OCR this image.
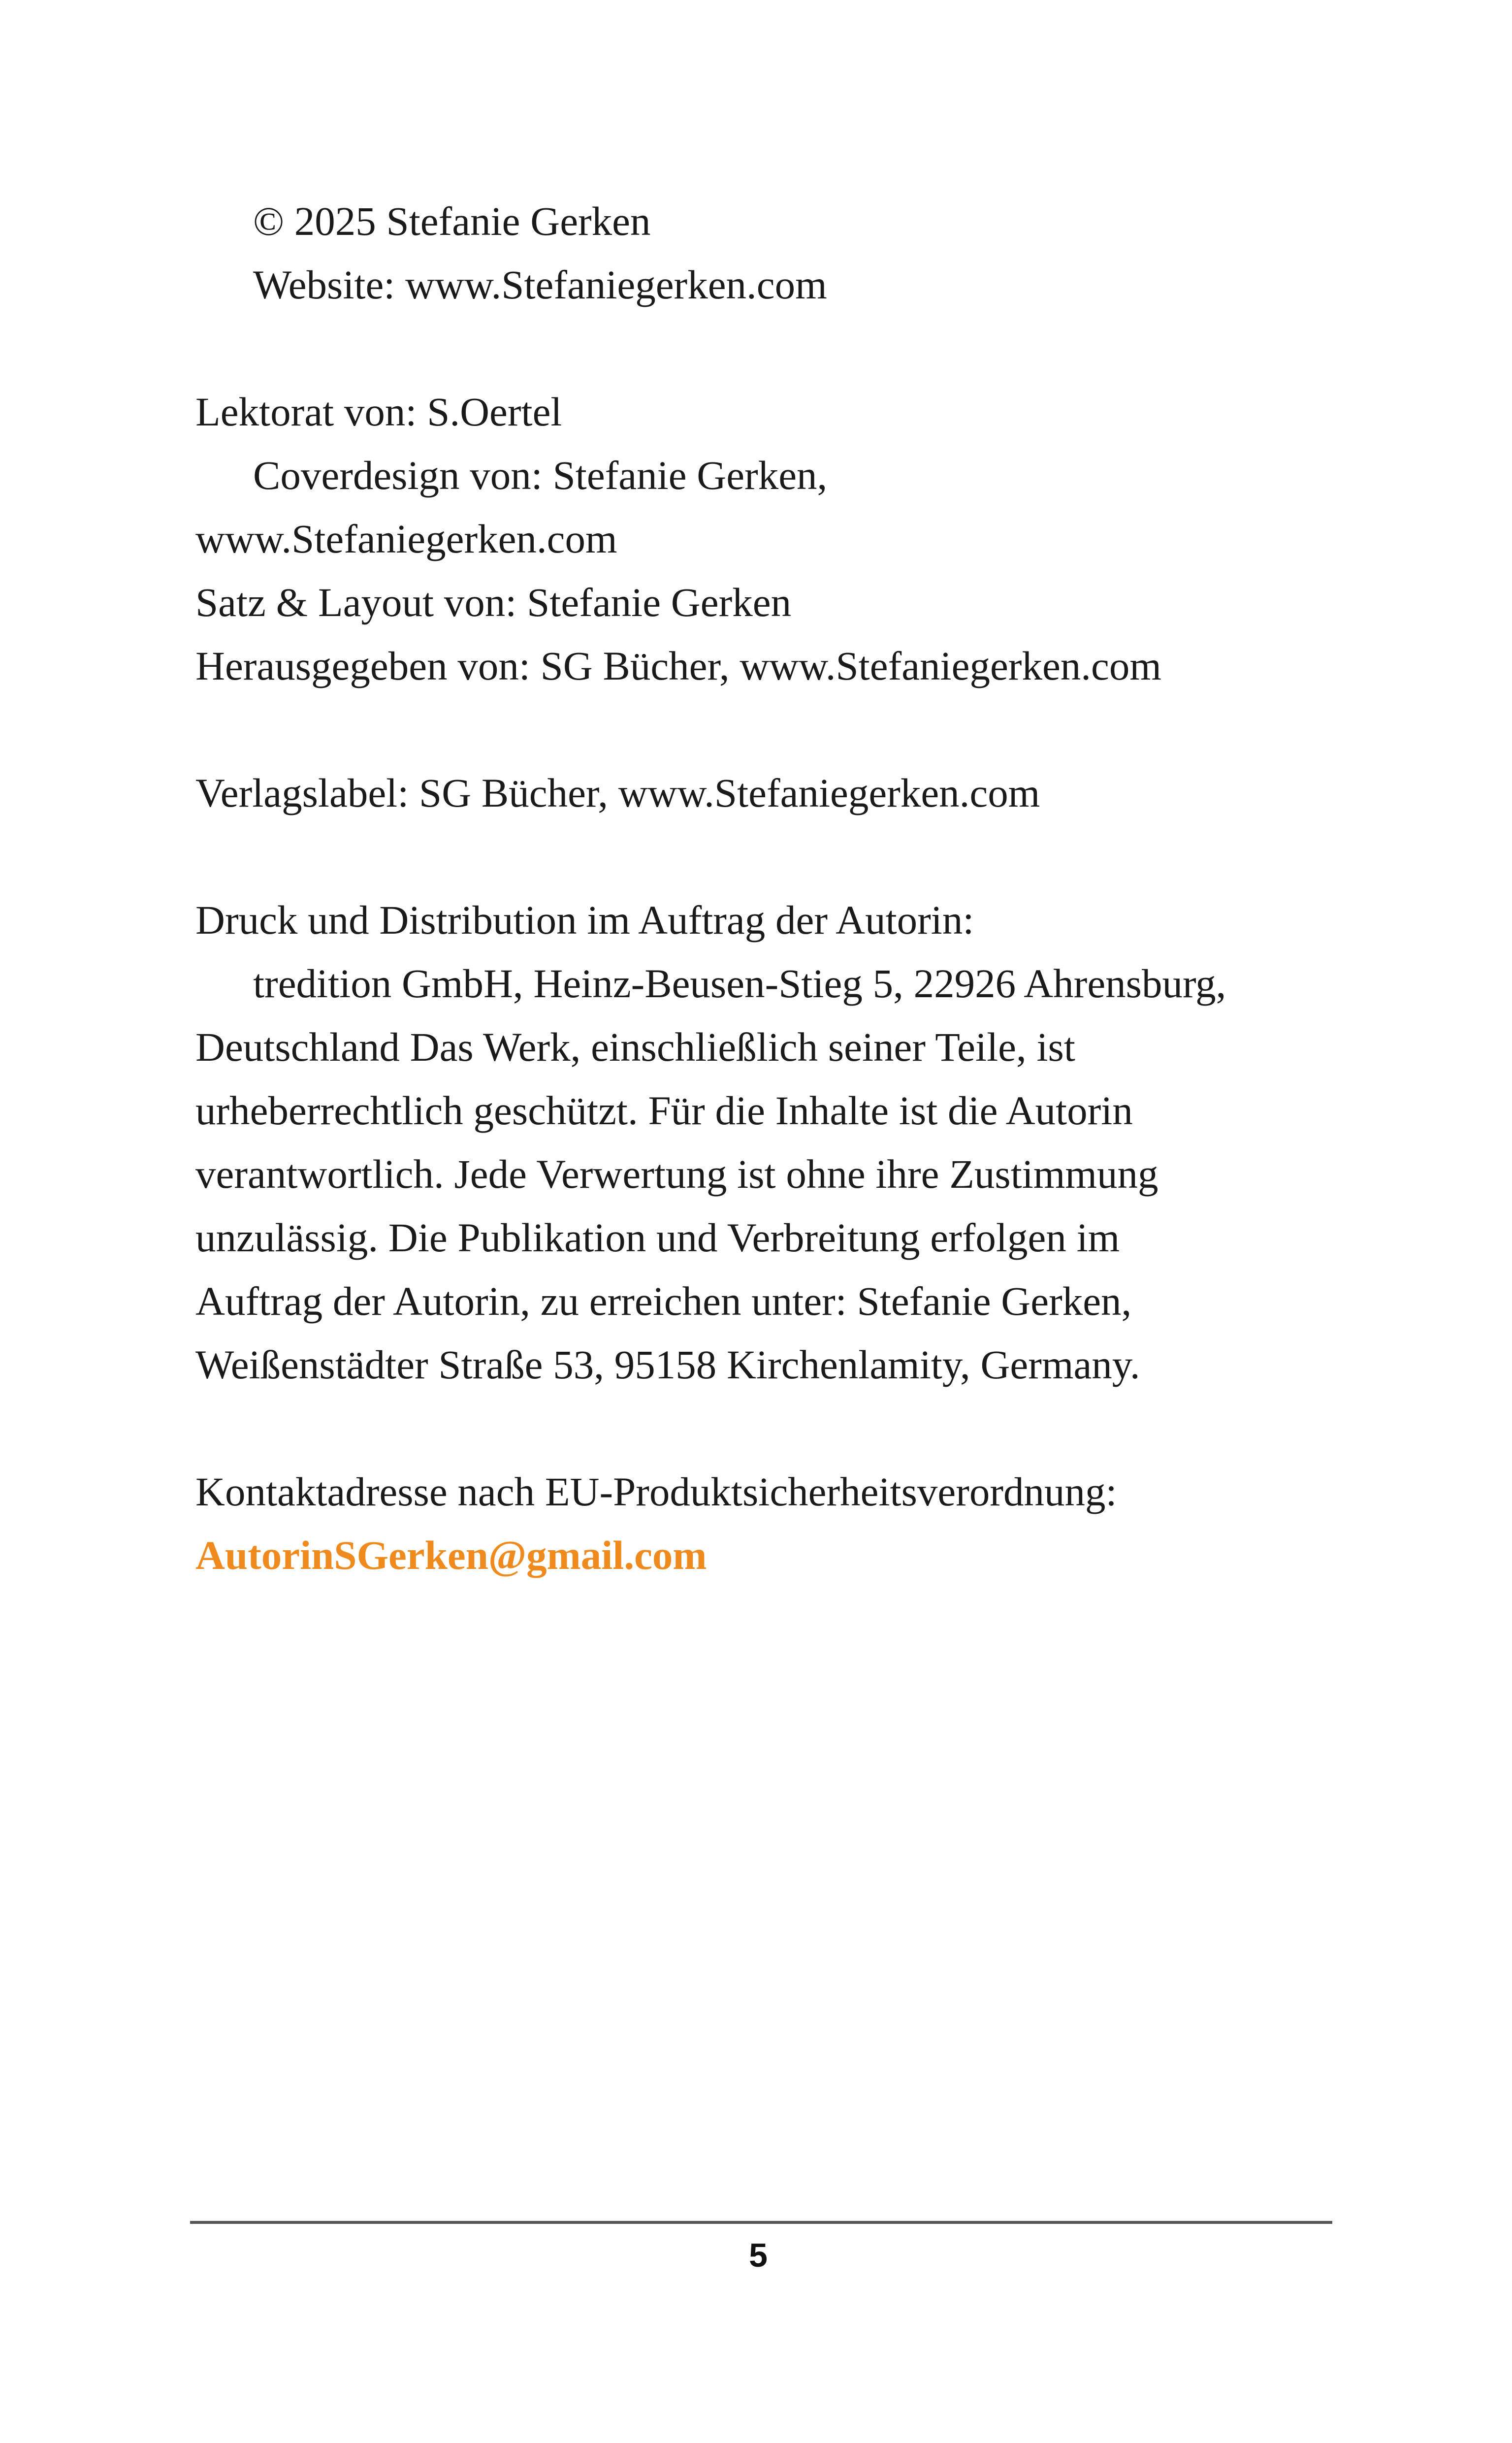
© 2025 Stefanie Gerken
Website: www.Stefaniegerken.com
Lektorat von: S.Oertel
Coverdesign von: Stefanie Gerken,
www.Stefaniegerken.com
Satz & Layout von: Stefanie Gerken
Herausgegeben von: SG Bücher, www.Stefaniegerken.com
Verlagslabel: SG Bücher, www.Stefaniegerken.com
Druck und Distribution im Auftrag der Autorin:
tredition GmbH, Heinz-Beusen-Stieg 5, 22926 Ahrensburg,
Deutschland Das Werk, einschließlich seiner Teile, ist
urheberrechtlich geschützt. Für die Inhalte ist die Autorin
verantwortlich. Jede Verwertung ist ohne ihre Zustimmung
unzulässig. Die Publikation und Verbreitung erfolgen im
Auftrag der Autorin, zu erreichen unter: Stefanie Gerken,
Weißenstädter Straße 53, 95158 Kirchenlamity, Germany.
Kontaktadresse nach EU-Produktsicherheitsverordnung:
AutorinSGerken@gmail.com
5
